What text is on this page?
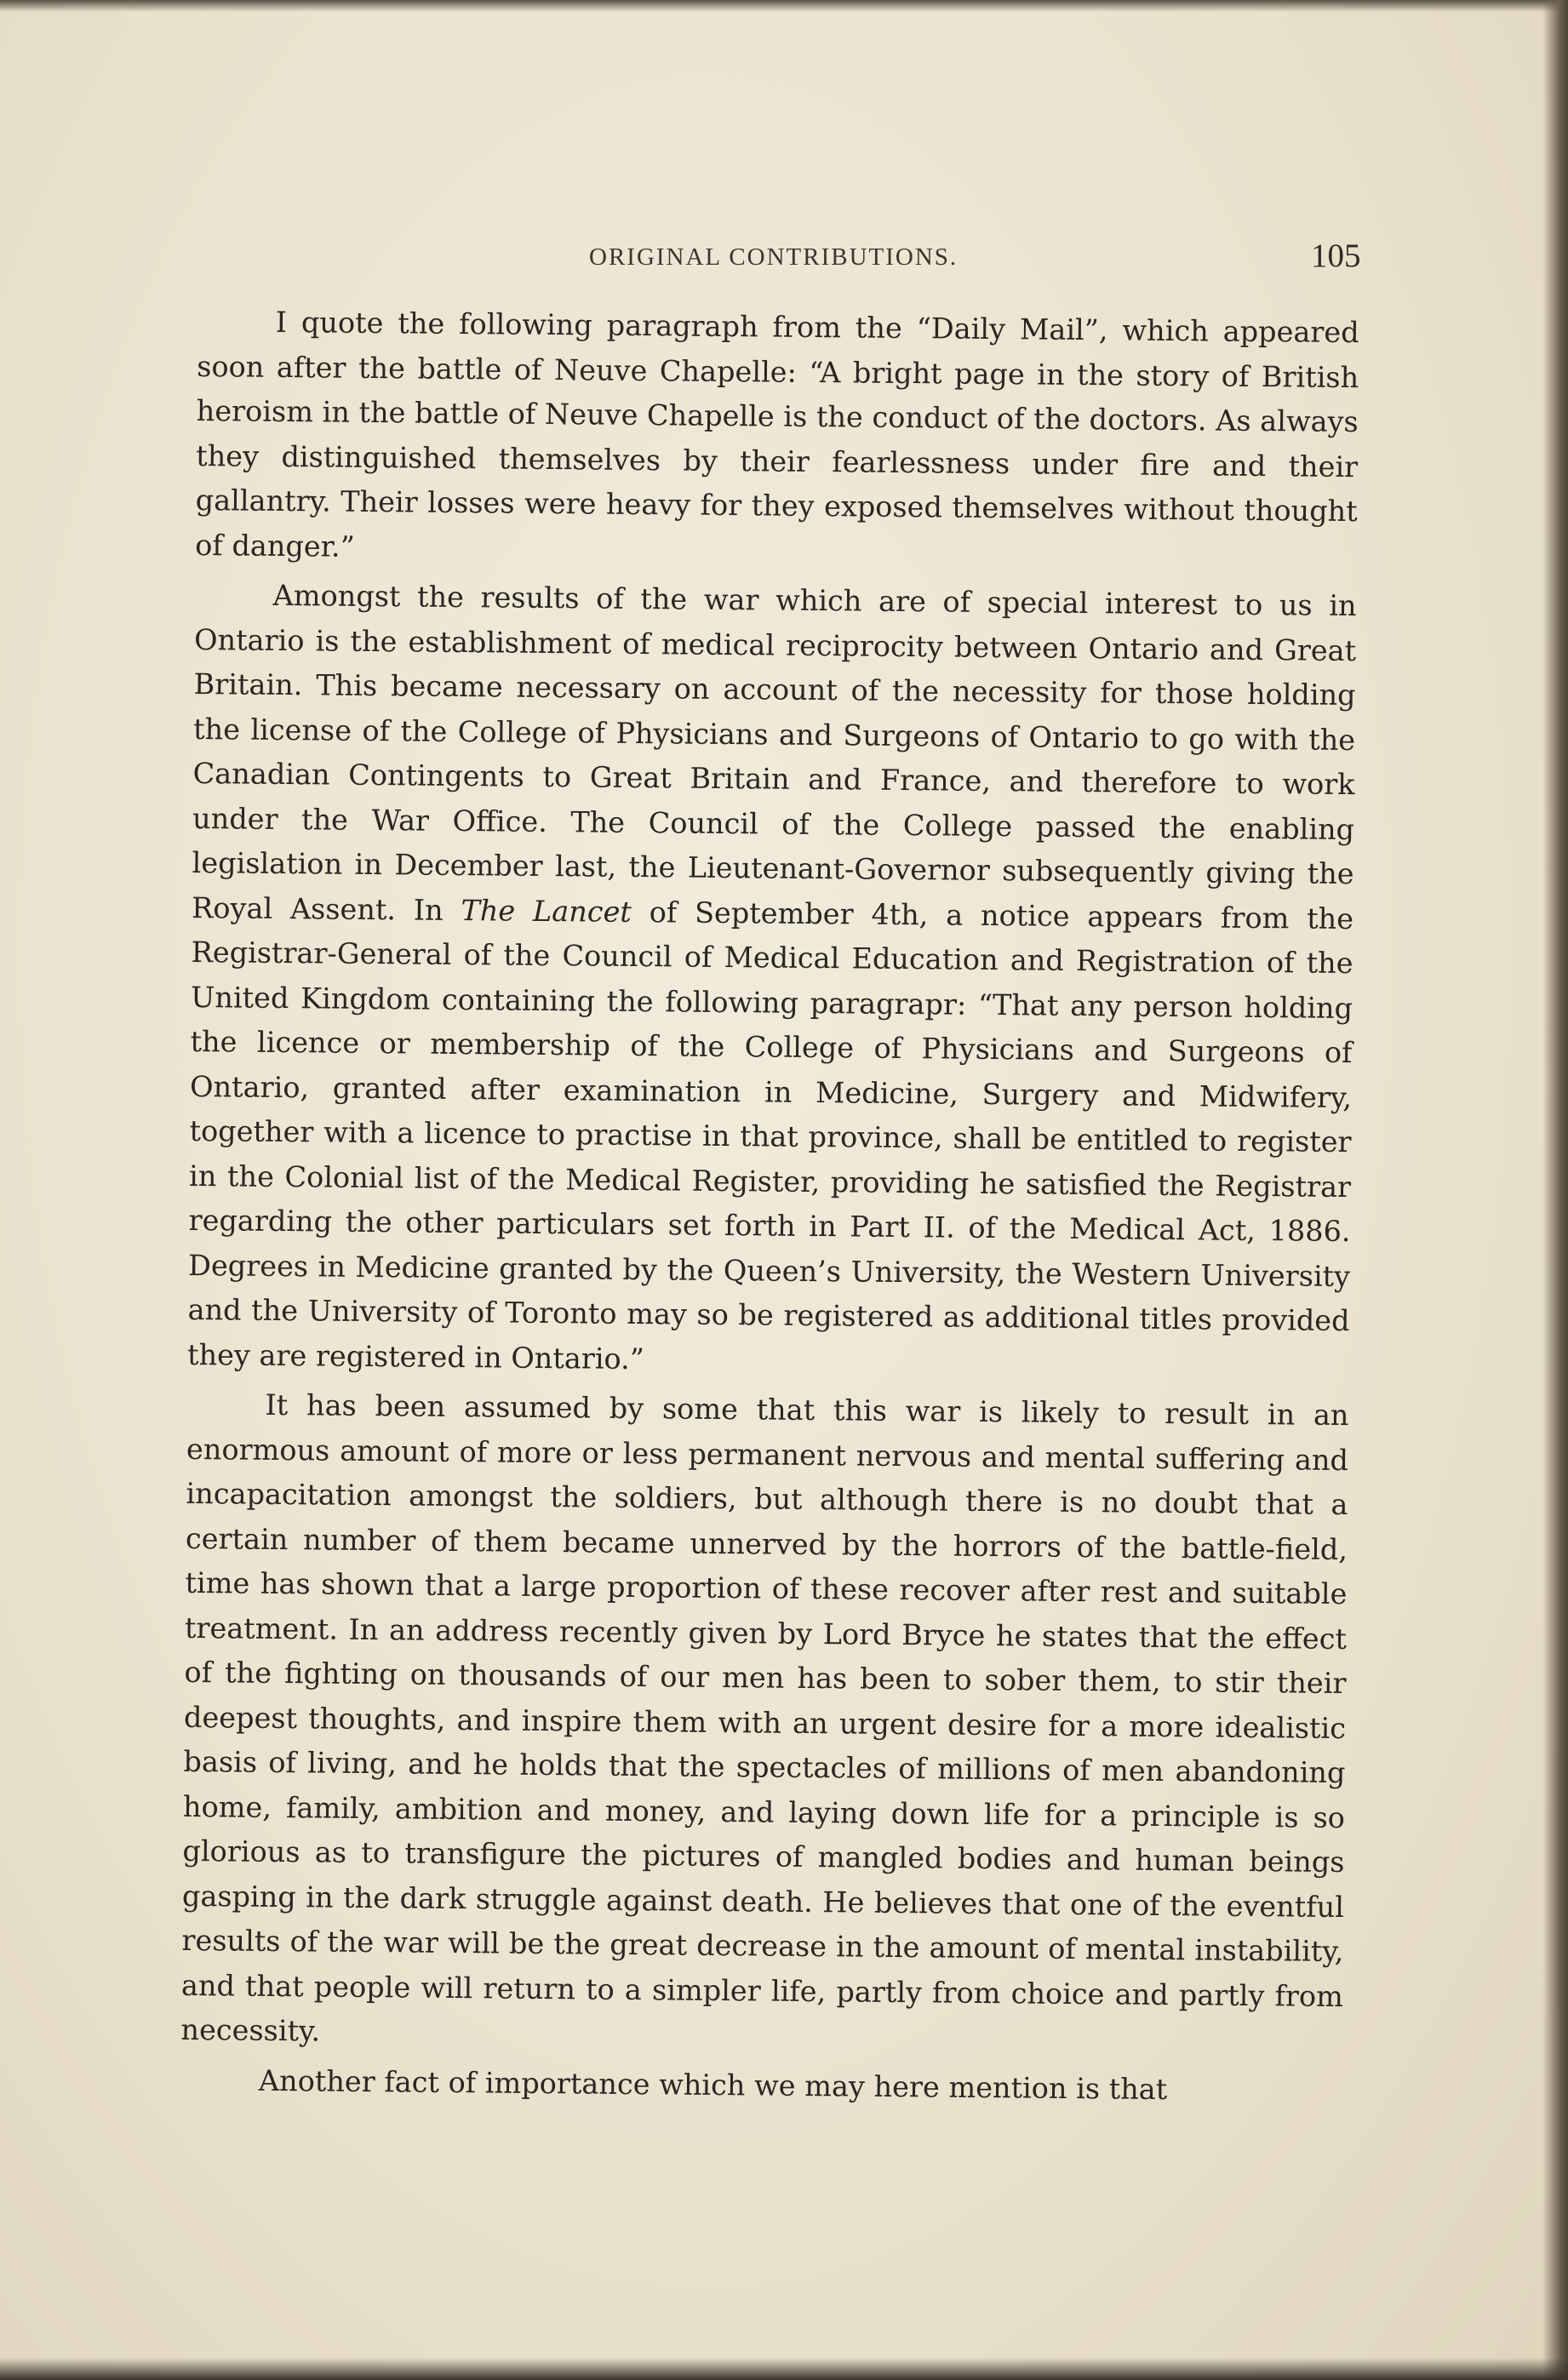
ORIGINAL CONTRIBUTIONS.	105

I quote the following paragraph from the “Daily Mail”, which appeared soon after the battle of Neuve Chapelle: “A bright page in the story of British heroism in the battle of Neuve Chapelle is the conduct of the doctors. As always they distinguished themselves by their fearlessness under fire and their gallantry. Their losses were heavy for they exposed themselves without thought of danger.”

Amongst the results of the war which are of special interest to us in Ontario is the establishment of medical reciprocity between Ontario and Great Britain. This became necessary on account of the necessity for those holding the license of the College of Physicians and Surgeons of Ontario to go with the Canadian Contingents to Great Britain and France, and therefore to work under the War Office. The Council of the College passed the enabling legislation in December last, the Lieutenant-Governor subsequently giving the Royal Assent. In The Lancet of September 4th, a notice appears from the Registrar-General of the Council of Medical Education and Registration of the United Kingdom containing the following paragrapr: “That any person holding the licence or membership of the College of Physicians and Surgeons of Ontario, granted after examination in Medicine, Surgery and Midwifery, together with a licence to practise in that province, shall be entitled to register in the Colonial list of the Medical Register, providing he satisfied the Registrar regarding the other particulars set forth in Part II. of the Medical Act, 1886. Degrees in Medicine granted by the Queen’s University, the Western University and the University of Toronto may so be registered as additional titles provided they are registered in Ontario.”

It has been assumed by some that this war is likely to result in an enormous amount of more or less permanent nervous and mental suffering and incapacitation amongst the soldiers, but although there is no doubt that a certain number of them became unnerved by the horrors of the battle-field, time has shown that a large proportion of these recover after rest and suitable treatment. In an address recently given by Lord Bryce he states that the effect of the fighting on thousands of our men has been to sober them, to stir their deepest thoughts, and inspire them with an urgent desire for a more idealistic basis of living, and he holds that the spectacles of millions of men abandoning home, family, ambition and money, and laying down life for a principle is so glorious as to transfigure the pictures of mangled bodies and human beings gasping in the dark struggle against death. He believes that one of the eventful results of the war will be the great decrease in the amount of mental instability, and that people will return to a simpler life, partly from choice and partly from necessity.

Another fact of importance which we may here mention is that
